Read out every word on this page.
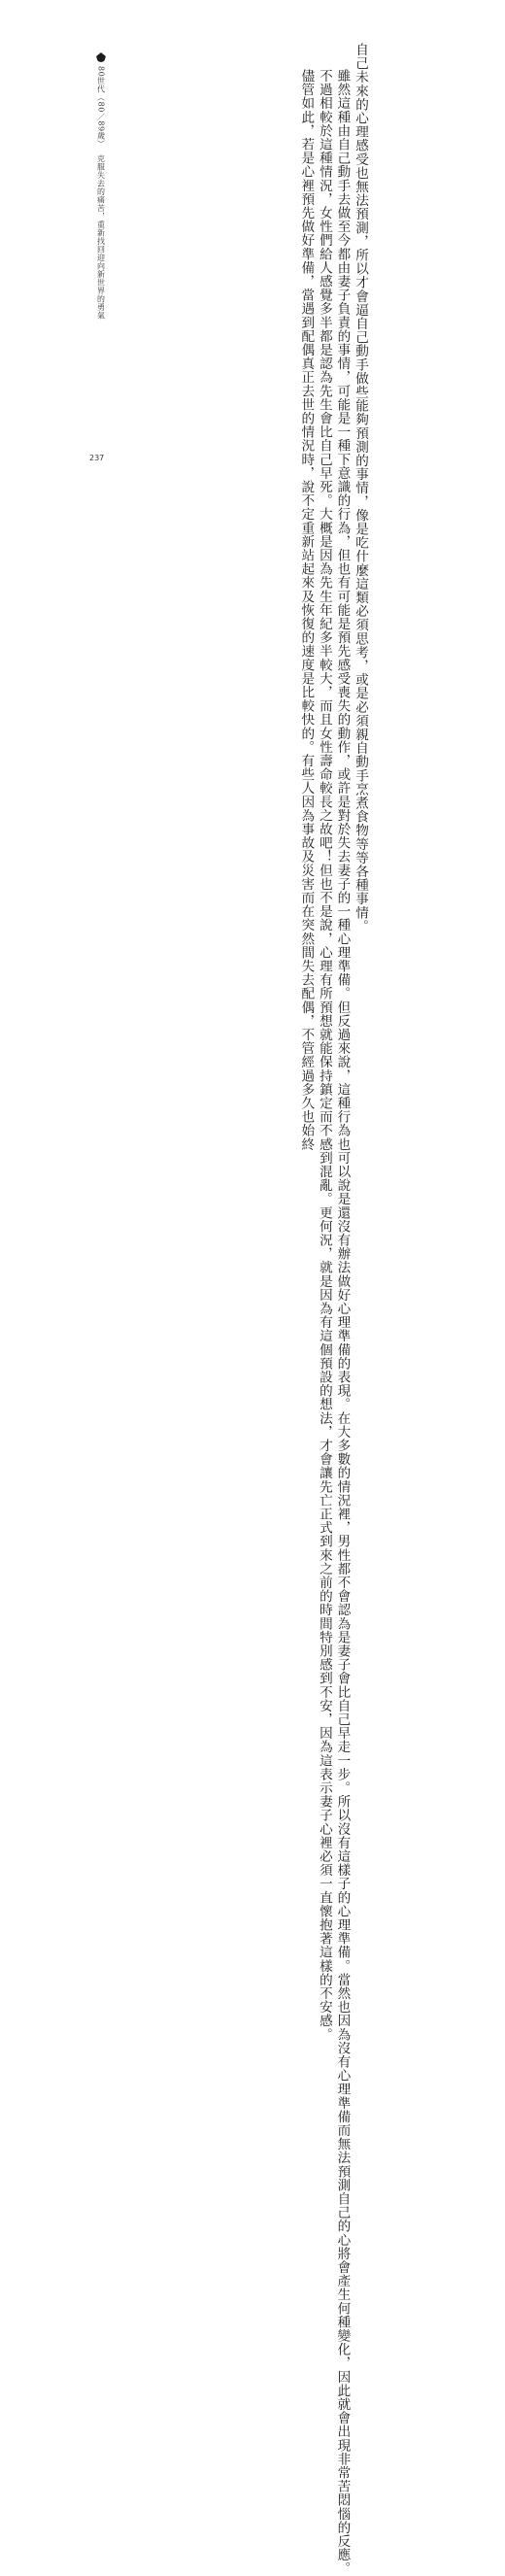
自己未來的心理感受也無法預測，所以才會逼自己動手做些能夠預測的事情，像是吃什麼這類必須思考，或是必須親自動手烹煮食物等等各種事情。

雖然這種由自己動手去做至今都由妻子負責的事情，可能是一種下意識的行為，但也有可能是預先感受喪失的動作，或許是對於失去妻子的一種心理準備。但反過來說，這種行為也可以說是還沒有辦法做好心理準備的表現。在大多數的情況裡，男性都不會認為是妻子會比自己早走一步。所以沒有這樣子的心理準備。當然也因為沒有心理準備而無法預測自己的心將會產生何種變化，因此就會出現非常苦悶惱的反應。

不過相較於這種情況，女性們給人感覺多半都是認為先生會比自己早死。大概是因為先生年紀多半較大，而且女性壽命較長之故吧！但也不是說，心理有所預想就能保持鎮定而不感到混亂。更何況，就是因為有這個預設的想法，才會讓先亡正式到來之前的時間特別感到不安，因為這表示妻子心裡必須一直懷抱著這樣的不安感。

儘管如此，若是心裡預先做好準備，當遇到配偶真正去世的情況時，說不定重新站起來及恢復的速度是比較快的。有些人因為事故及災害而在突然間失去配偶，不管經過多久也始終

80世代（80／89歲）
克服失去的痛苦，重新找回迎向新世界的勇氣
237
